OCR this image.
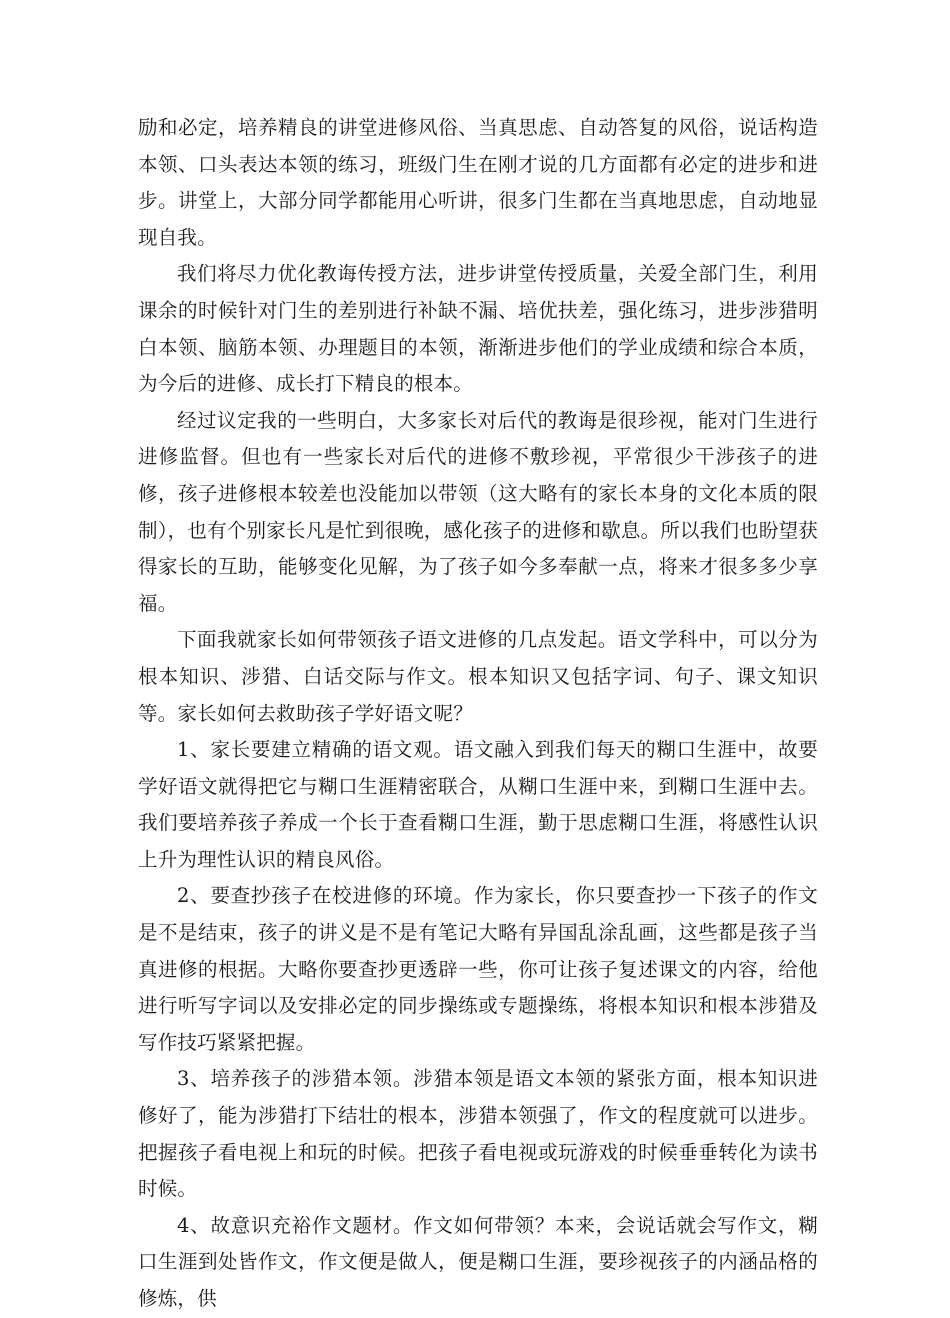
励和必定，培养精良的讲堂进修风俗、当真思虑、自动答复的风俗，说话构造本领、口头表达本领的练习，班级门生在刚才说的几方面都有必定的进步和进步。讲堂上，大部分同学都能用心听讲，很多门生都在当真地思虑，自动地显现自我。

我们将尽力优化教诲传授方法，进步讲堂传授质量，关爱全部门生，利用课余的时候针对门生的差别进行补缺不漏、培优扶差，强化练习，进步涉猎明白本领、脑筋本领、办理题目的本领，渐渐进步他们的学业成绩和综合本质，为今后的进修、成长打下精良的根本。

经过议定我的一些明白，大多家长对后代的教诲是很珍视，能对门生进行进修监督。但也有一些家长对后代的进修不敷珍视，平常很少干涉孩子的进修，孩子进修根本较差也没能加以带领（这大略有的家长本身的文化本质的限制），也有个别家长凡是忙到很晚，感化孩子的进修和歇息。所以我们也盼望获得家长的互助，能够变化见解，为了孩子如今多奉献一点，将来才很多多少享福。

下面我就家长如何带领孩子语文进修的几点发起。语文学科中，可以分为根本知识、涉猎、白话交际与作文。根本知识又包括字词、句子、课文知识等。家长如何去救助孩子学好语文呢？

1、家长要建立精确的语文观。语文融入到我们每天的糊口生涯中，故要学好语文就得把它与糊口生涯精密联合，从糊口生涯中来，到糊口生涯中去。我们要培养孩子养成一个长于查看糊口生涯，勤于思虑糊口生涯，将感性认识上升为理性认识的精良风俗。

2、要查抄孩子在校进修的环境。作为家长，你只要查抄一下孩子的作文是不是结束，孩子的讲义是不是有笔记大略有异国乱涂乱画，这些都是孩子当真进修的根据。大略你要查抄更透辟一些，你可让孩子复述课文的内容，给他进行听写字词以及安排必定的同步操练或专题操练，将根本知识和根本涉猎及写作技巧紧紧把握。

3、培养孩子的涉猎本领。涉猎本领是语文本领的紧张方面，根本知识进修好了，能为涉猎打下结壮的根本，涉猎本领强了，作文的程度就可以进步。把握孩子看电视上和玩的时候。把孩子看电视或玩游戏的时候垂垂转化为读书时候。

4、故意识充裕作文题材。作文如何带领？本来，会说话就会写作文，糊口生涯到处皆作文，作文便是做人，便是糊口生涯，要珍视孩子的内涵品格的修炼，供
